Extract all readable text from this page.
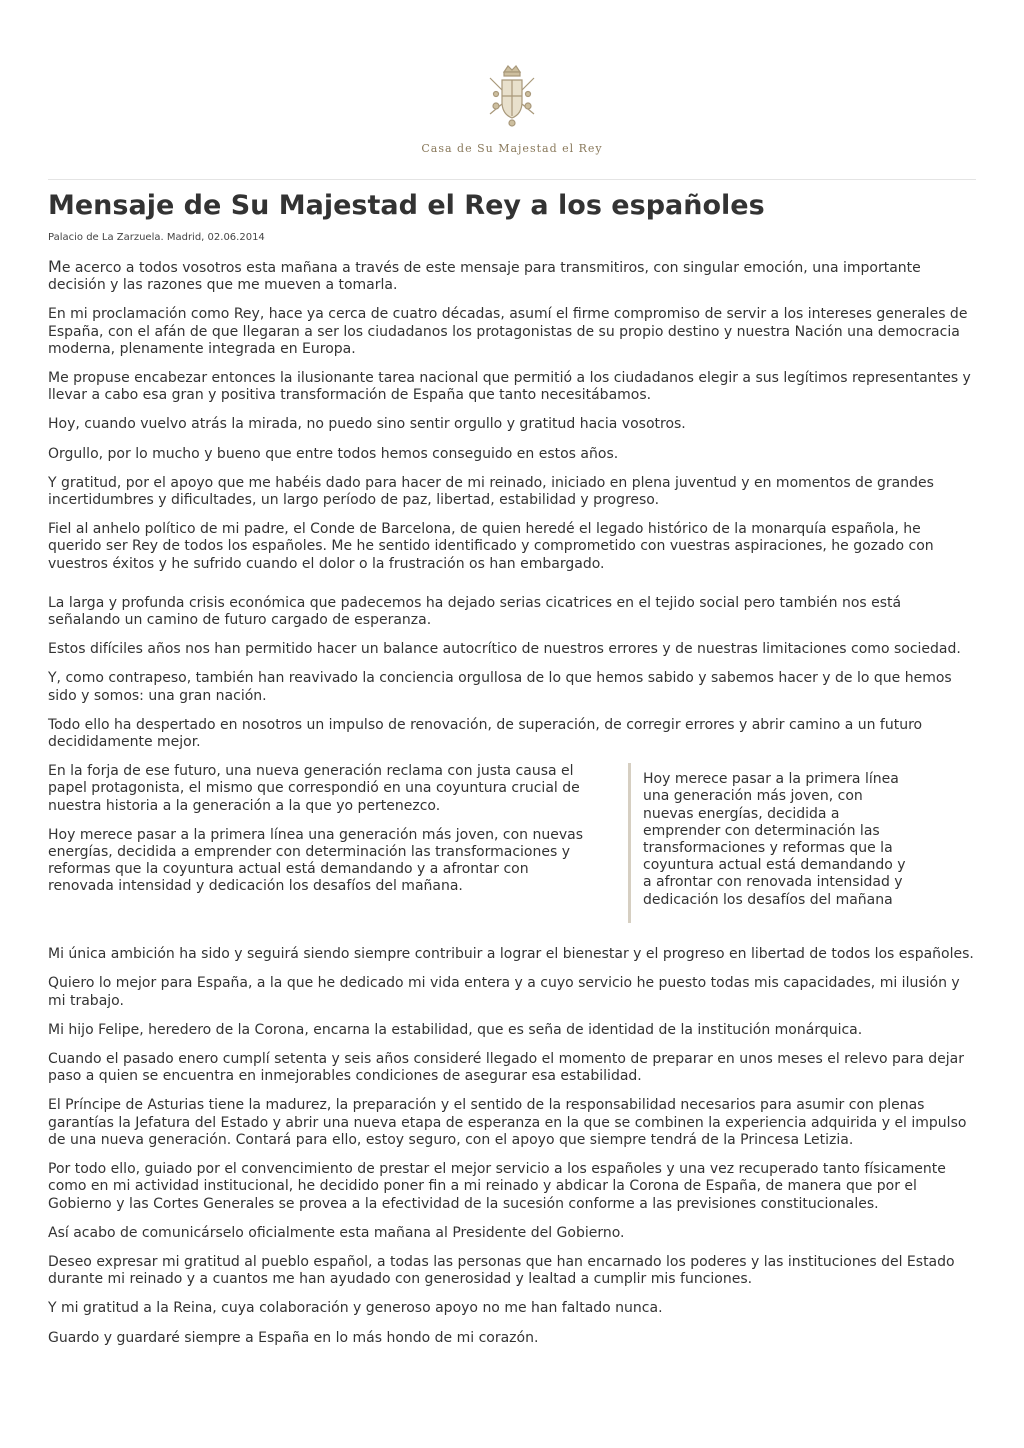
Casa de Su Majestad el Rey
Mensaje de Su Majestad el Rey a los españoles
Palacio de La Zarzuela. Madrid, 02.06.2014

Me acerco a todos vosotros esta mañana a través de este mensaje para transmitiros, con singular emoción, una importante decisión y las razones que me mueven a tomarla.

En mi proclamación como Rey, hace ya cerca de cuatro décadas, asumí el firme compromiso de servir a los intereses generales de España, con el afán de que llegaran a ser los ciudadanos los protagonistas de su propio destino y nuestra Nación una democracia moderna, plenamente integrada en Europa.

Me propuse encabezar entonces la ilusionante tarea nacional que permitió a los ciudadanos elegir a sus legítimos representantes y llevar a cabo esa gran y positiva transformación de España que tanto necesitábamos.

Hoy, cuando vuelvo atrás la mirada, no puedo sino sentir orgullo y gratitud hacia vosotros.

Orgullo, por lo mucho y bueno que entre todos hemos conseguido en estos años.

Y gratitud, por el apoyo que me habéis dado para hacer de mi reinado, iniciado en plena juventud y en momentos de grandes incertidumbres y dificultades, un largo período de paz, libertad, estabilidad y progreso.

Fiel al anhelo político de mi padre, el Conde de Barcelona, de quien heredé el legado histórico de la monarquía española, he querido ser Rey de todos los españoles. Me he sentido identificado y comprometido con vuestras aspiraciones, he gozado con vuestros éxitos y he sufrido cuando el dolor o la frustración os han embargado.

La larga y profunda crisis económica que padecemos ha dejado serias cicatrices en el tejido social pero también nos está señalando un camino de futuro cargado de esperanza.

Estos difíciles años nos han permitido hacer un balance autocrítico de nuestros errores y de nuestras limitaciones como sociedad.

Y, como contrapeso, también han reavivado la conciencia orgullosa de lo que hemos sabido y sabemos hacer y de lo que hemos sido y somos: una gran nación.

Todo ello ha despertado en nosotros un impulso de renovación, de superación, de corregir errores y abrir camino a un futuro decididamente mejor.

En la forja de ese futuro, una nueva generación reclama con justa causa el papel protagonista, el mismo que correspondió en una coyuntura crucial de nuestra historia a la generación a la que yo pertenezco.

Hoy merece pasar a la primera línea una generación más joven, con nuevas energías, decidida a emprender con determinación las transformaciones y reformas que la coyuntura actual está demandando y a afrontar con renovada intensidad y dedicación los desafíos del mañana.

Hoy merece pasar a la primera línea una generación más joven, con nuevas energías, decidida a emprender con determinación las transformaciones y reformas que la coyuntura actual está demandando y a afrontar con renovada intensidad y dedicación los desafíos del mañana

Mi única ambición ha sido y seguirá siendo siempre contribuir a lograr el bienestar y el progreso en libertad de todos los españoles.

Quiero lo mejor para España, a la que he dedicado mi vida entera y a cuyo servicio he puesto todas mis capacidades, mi ilusión y mi trabajo.

Mi hijo Felipe, heredero de la Corona, encarna la estabilidad, que es seña de identidad de la institución monárquica.

Cuando el pasado enero cumplí setenta y seis años consideré llegado el momento de preparar en unos meses el relevo para dejar paso a quien se encuentra en inmejorables condiciones de asegurar esa estabilidad.

El Príncipe de Asturias tiene la madurez, la preparación y el sentido de la responsabilidad necesarios para asumir con plenas garantías la Jefatura del Estado y abrir una nueva etapa de esperanza en la que se combinen la experiencia adquirida y el impulso de una nueva generación. Contará para ello, estoy seguro, con el apoyo que siempre tendrá de la Princesa Letizia.

Por todo ello, guiado por el convencimiento de prestar el mejor servicio a los españoles y una vez recuperado tanto físicamente como en mi actividad institucional, he decidido poner fin a mi reinado y abdicar la Corona de España, de manera que por el Gobierno y las Cortes Generales se provea a la efectividad de la sucesión conforme a las previsiones constitucionales.

Así acabo de comunicárselo oficialmente esta mañana al Presidente del Gobierno.

Deseo expresar mi gratitud al pueblo español, a todas las personas que han encarnado los poderes y las instituciones del Estado durante mi reinado y a cuantos me han ayudado con generosidad y lealtad a cumplir mis funciones.

Y mi gratitud a la Reina, cuya colaboración y generoso apoyo no me han faltado nunca.

Guardo y guardaré siempre a España en lo más hondo de mi corazón.
